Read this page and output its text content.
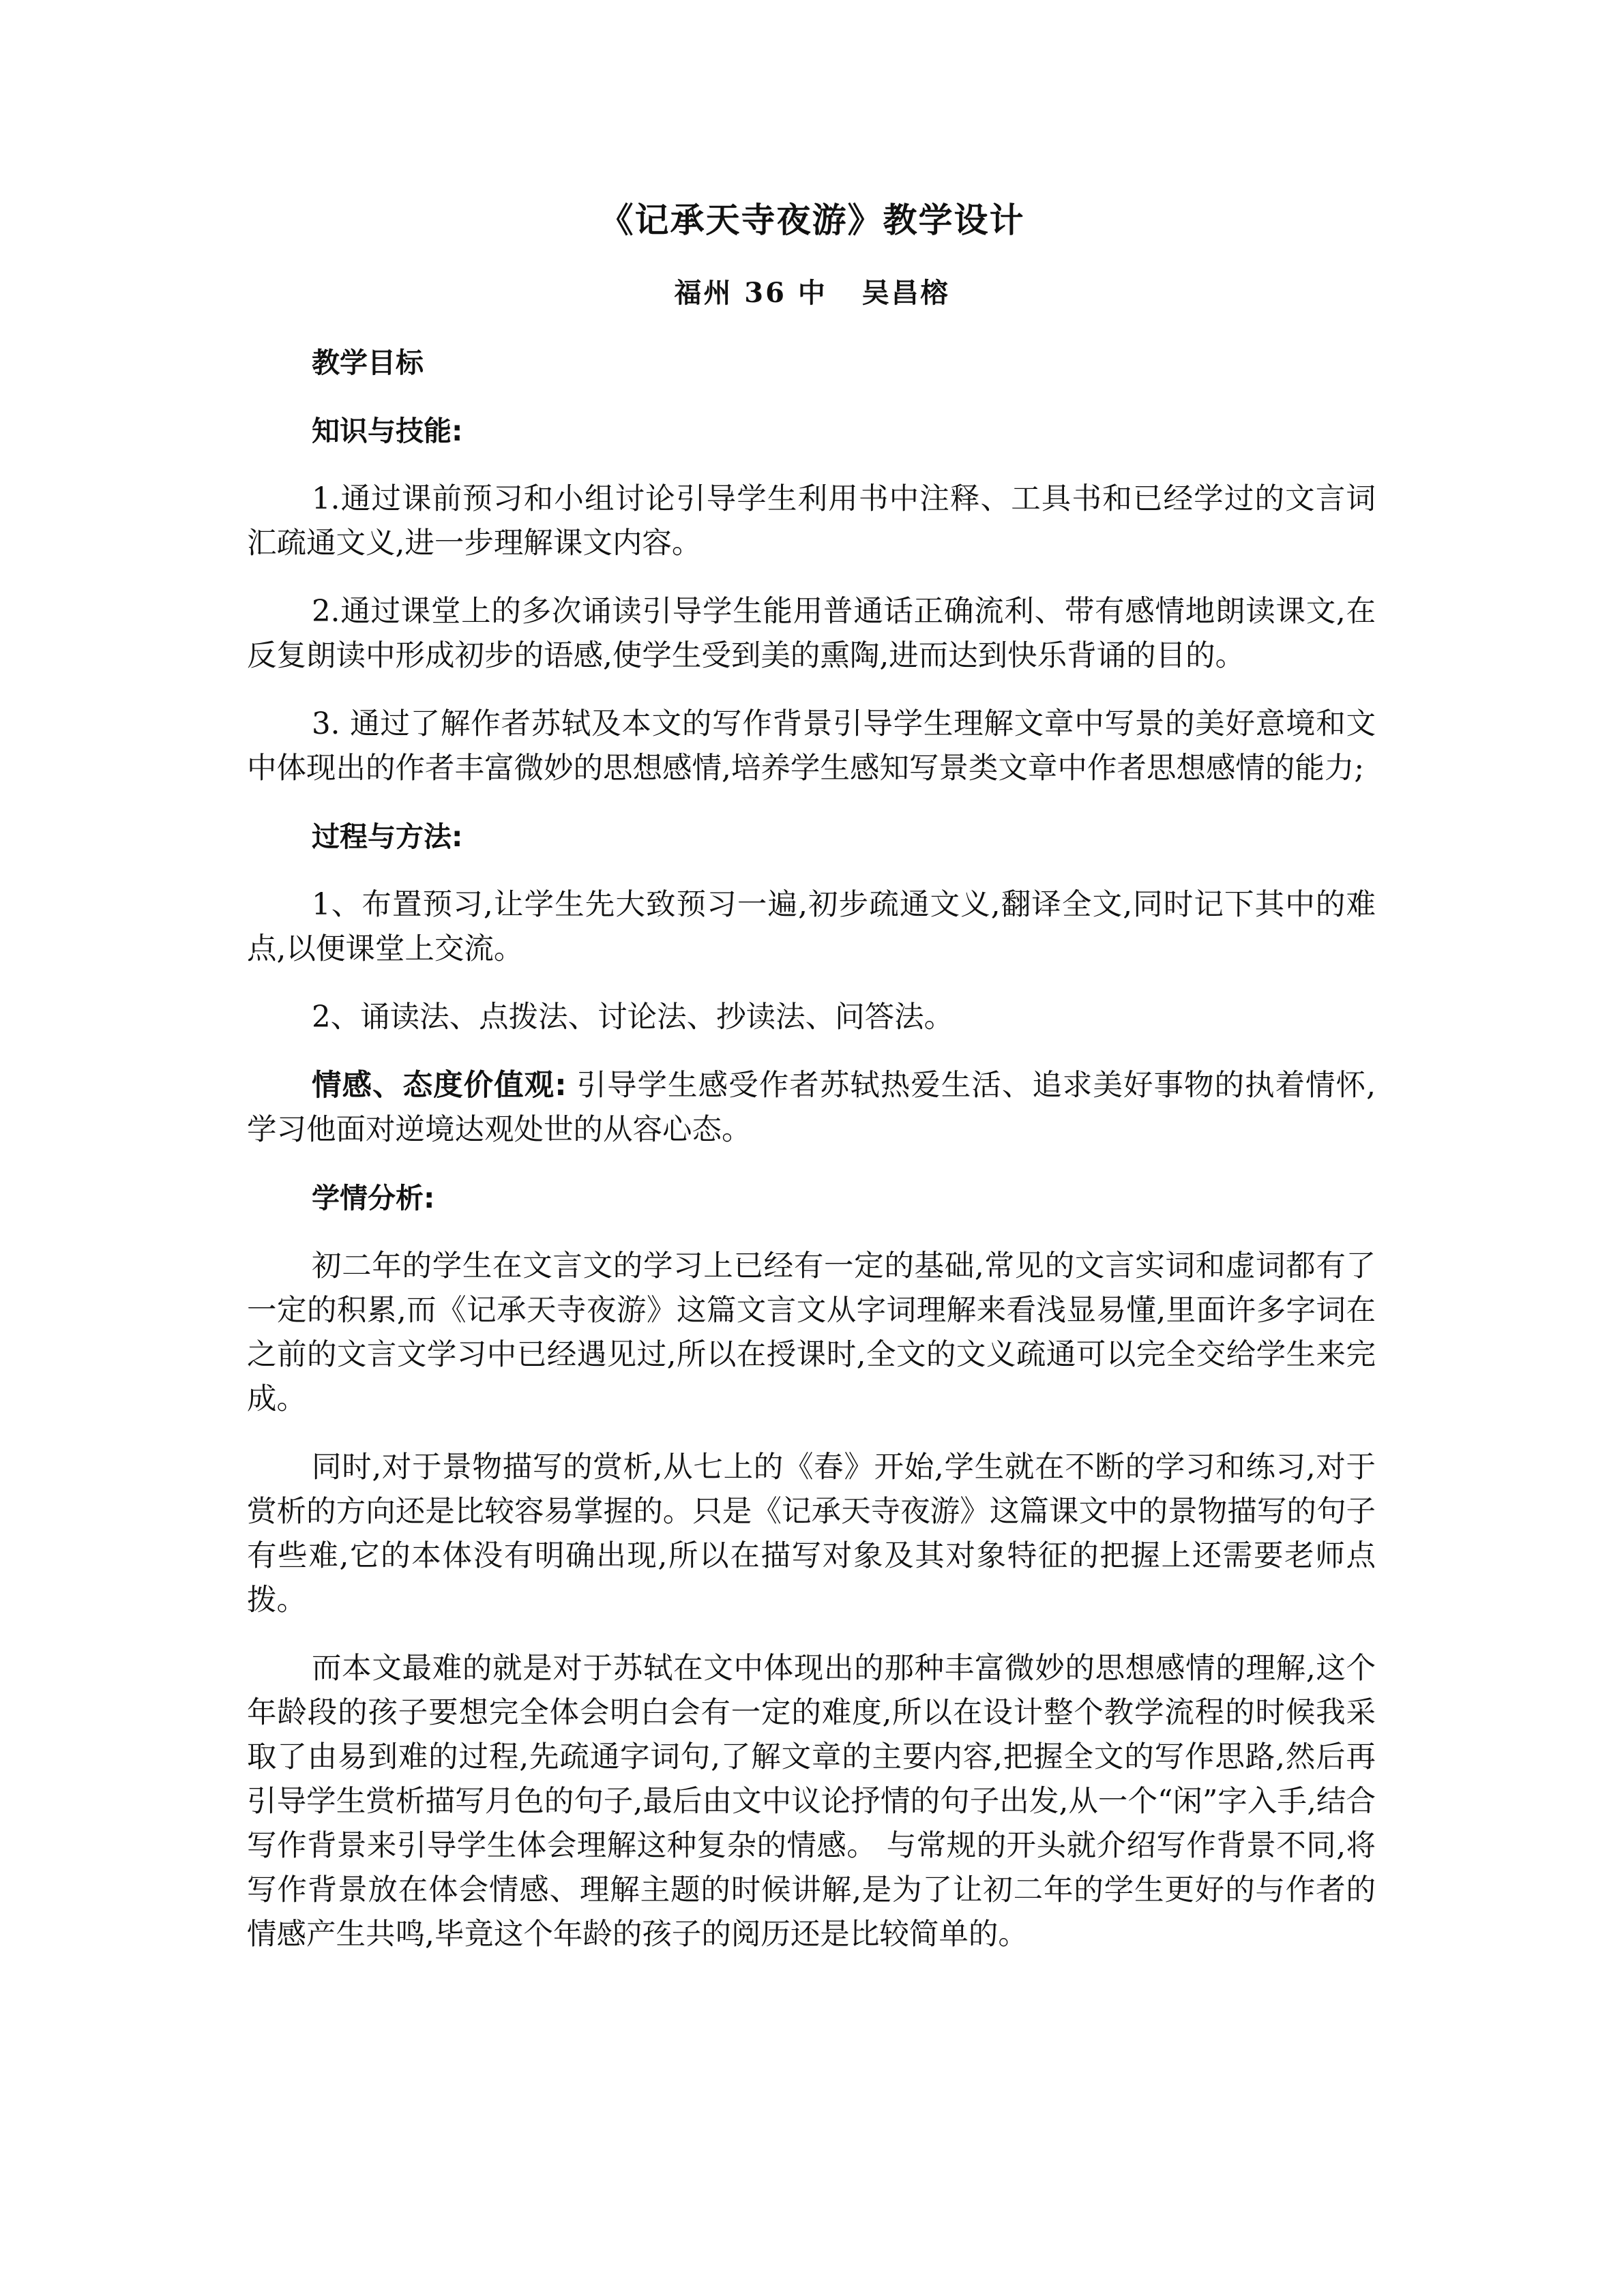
《记承天寺夜游》教学设计
福州 36 中   吴昌榕

教学目标

知识与技能:

1.通过课前预习和小组讨论引导学生利用书中注释、工具书和已经学过的文言词汇疏通文义,进一步理解课文内容。

2.通过课堂上的多次诵读引导学生能用普通话正确流利、带有感情地朗读课文,在反复朗读中形成初步的语感,使学生受到美的熏陶,进而达到快乐背诵的目的。

3. 通过了解作者苏轼及本文的写作背景引导学生理解文章中写景的美好意境和文中体现出的作者丰富微妙的思想感情,培养学生感知写景类文章中作者思想感情的能力;

过程与方法:

1、布置预习,让学生先大致预习一遍,初步疏通文义,翻译全文,同时记下其中的难点,以便课堂上交流。

2、诵读法、点拨法、讨论法、抄读法、问答法。

情感、态度价值观: 引导学生感受作者苏轼热爱生活、追求美好事物的执着情怀,学习他面对逆境达观处世的从容心态。

学情分析:

初二年的学生在文言文的学习上已经有一定的基础,常见的文言实词和虚词都有了一定的积累,而《记承天寺夜游》这篇文言文从字词理解来看浅显易懂,里面许多字词在之前的文言文学习中已经遇见过,所以在授课时,全文的文义疏通可以完全交给学生来完成。

同时,对于景物描写的赏析,从七上的《春》开始,学生就在不断的学习和练习,对于赏析的方向还是比较容易掌握的。只是《记承天寺夜游》这篇课文中的景物描写的句子有些难,它的本体没有明确出现,所以在描写对象及其对象特征的把握上还需要老师点拨。

而本文最难的就是对于苏轼在文中体现出的那种丰富微妙的思想感情的理解,这个年龄段的孩子要想完全体会明白会有一定的难度,所以在设计整个教学流程的时候我采取了由易到难的过程,先疏通字词句,了解文章的主要内容,把握全文的写作思路,然后再引导学生赏析描写月色的句子,最后由文中议论抒情的句子出发,从一个“闲”字入手,结合写作背景来引导学生体会理解这种复杂的情感。 与常规的开头就介绍写作背景不同,将写作背景放在体会情感、理解主题的时候讲解,是为了让初二年的学生更好的与作者的情感产生共鸣,毕竟这个年龄的孩子的阅历还是比较简单的。
